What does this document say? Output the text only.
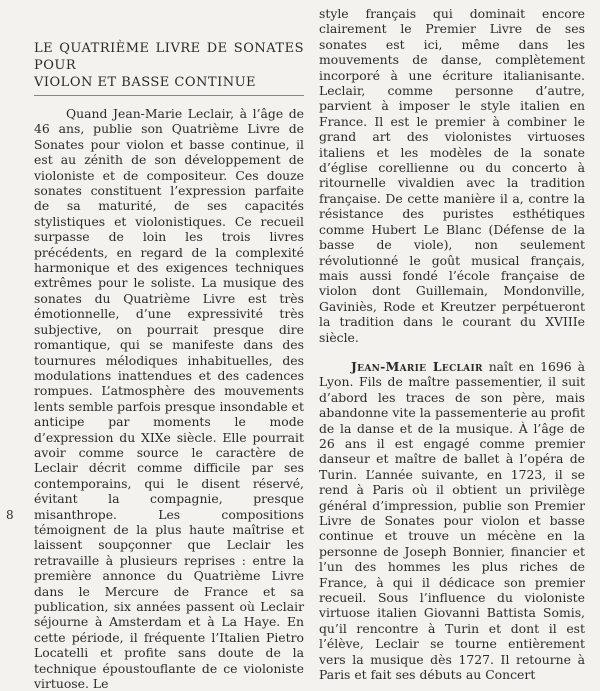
LE QUATRIÈME LIVRE DE SONATES POUR
VIOLON ET BASSE CONTINUE

Quand Jean-Marie Leclair, à l’âge de 46 ans, publie son Quatrième Livre de Sonates pour violon et basse continue, il est au zénith de son développement de violoniste et de compositeur. Ces douze sonates constituent l’expression parfaite de sa maturité, de ses capacités stylistiques et violonistiques. Ce recueil surpasse de loin les trois livres précédents, en regard de la complexité harmonique et des exigences techniques extrêmes pour le soliste. La musique des sonates du Quatrième Livre est très émotionnelle, d’une expressivité très subjective, on pourrait presque dire romantique, qui se manifeste dans des tournures mélodiques inhabituelles, des modulations inattendues et des cadences rompues. L’atmosphère des mouvements lents semble parfois presque insondable et anticipe par moments le mode d’expression du XIXe siècle. Elle pourrait avoir comme source le caractère de Leclair décrit comme difficile par ses contemporains, qui le disent réservé, évitant la compagnie, presque misanthrope. Les compositions témoignent de la plus haute maîtrise et laissent soupçonner que Leclair les retravaille à plusieurs reprises : entre la première annonce du Quatrième Livre dans le Mercure de France et sa publication, six années passent où Leclair séjourne à Amsterdam et à La Haye. En cette période, il fréquente l’Italien Pietro Locatelli et profite sans doute de la technique époustouflante de ce violoniste virtuose. Le

style français qui dominait encore clairement le Premier Livre de ses sonates est ici, même dans les mouvements de danse, complètement incorporé à une écriture italianisante. Leclair, comme personne d’autre, parvient à imposer le style italien en France. Il est le premier à combiner le grand art des violonistes virtuoses italiens et les modèles de la sonate d’église corellienne ou du concerto à ritournelle vivaldien avec la tradition française. De cette manière il a, contre la résistance des puristes esthétiques comme Hubert Le Blanc (Défense de la basse de viole), non seulement révolutionné le goût musical français, mais aussi fondé l’école française de violon dont Guillemain, Mondonville, Gaviniès, Rode et Kreutzer perpétueront la tradition dans le courant du XVIIIe siècle.

Jean-Marie Leclair naît en 1696 à Lyon. Fils de maître passementier, il suit d’abord les traces de son père, mais abandonne vite la passementerie au profit de la danse et de la musique. À l’âge de 26 ans il est engagé comme premier danseur et maître de ballet à l’opéra de Turin. L’année suivante, en 1723, il se rend à Paris où il obtient un privilège général d’impression, publie son Premier Livre de Sonates pour violon et basse continue et trouve un mécène en la personne de Joseph Bonnier, financier et l’un des hommes les plus riches de France, à qui il dédicace son premier recueil. Sous l’influence du violoniste virtuose italien Giovanni Battista Somis, qu’il rencontre à Turin et dont il est l’élève, Leclair se tourne entièrement vers la musique dès 1727. Il retourne à Paris et fait ses débuts au Concert

8
